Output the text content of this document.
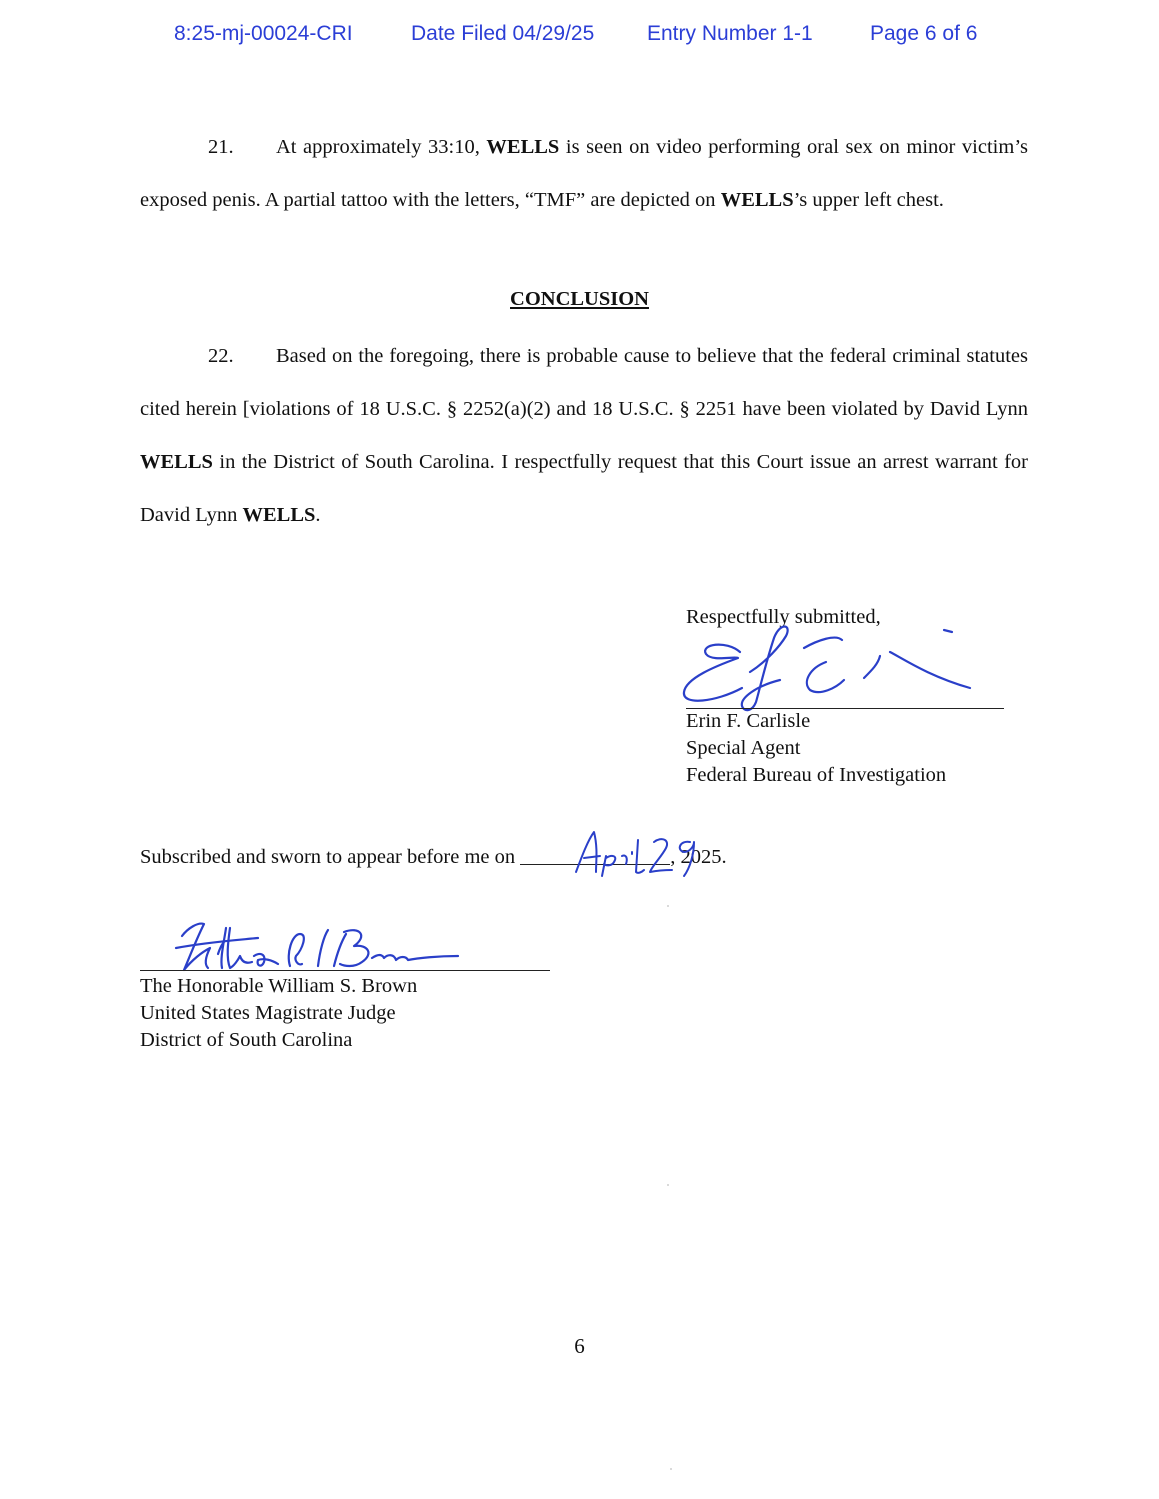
8:25-mj-00024-CRI	Date Filed 04/29/25	Entry Number 1-1	Page 6 of 6

21. At approximately 33:10, WELLS is seen on video performing oral sex on minor victim’s exposed penis. A partial tattoo with the letters, “TMF” are depicted on WELLS’s upper left chest.

CONCLUSION

22. Based on the foregoing, there is probable cause to believe that the federal criminal statutes cited herein [violations of 18 U.S.C. § 2252(a)(2) and 18 U.S.C. § 2251 have been violated by David Lynn WELLS in the District of South Carolina. I respectfully request that this Court issue an arrest warrant for David Lynn WELLS.

Respectfully submitted,
Erin F. Carlisle
Special Agent
Federal Bureau of Investigation
Subscribed and sworn to appear before me on	, 2025.
The Honorable William S. Brown
United States Magistrate Judge
District of South Carolina
6
